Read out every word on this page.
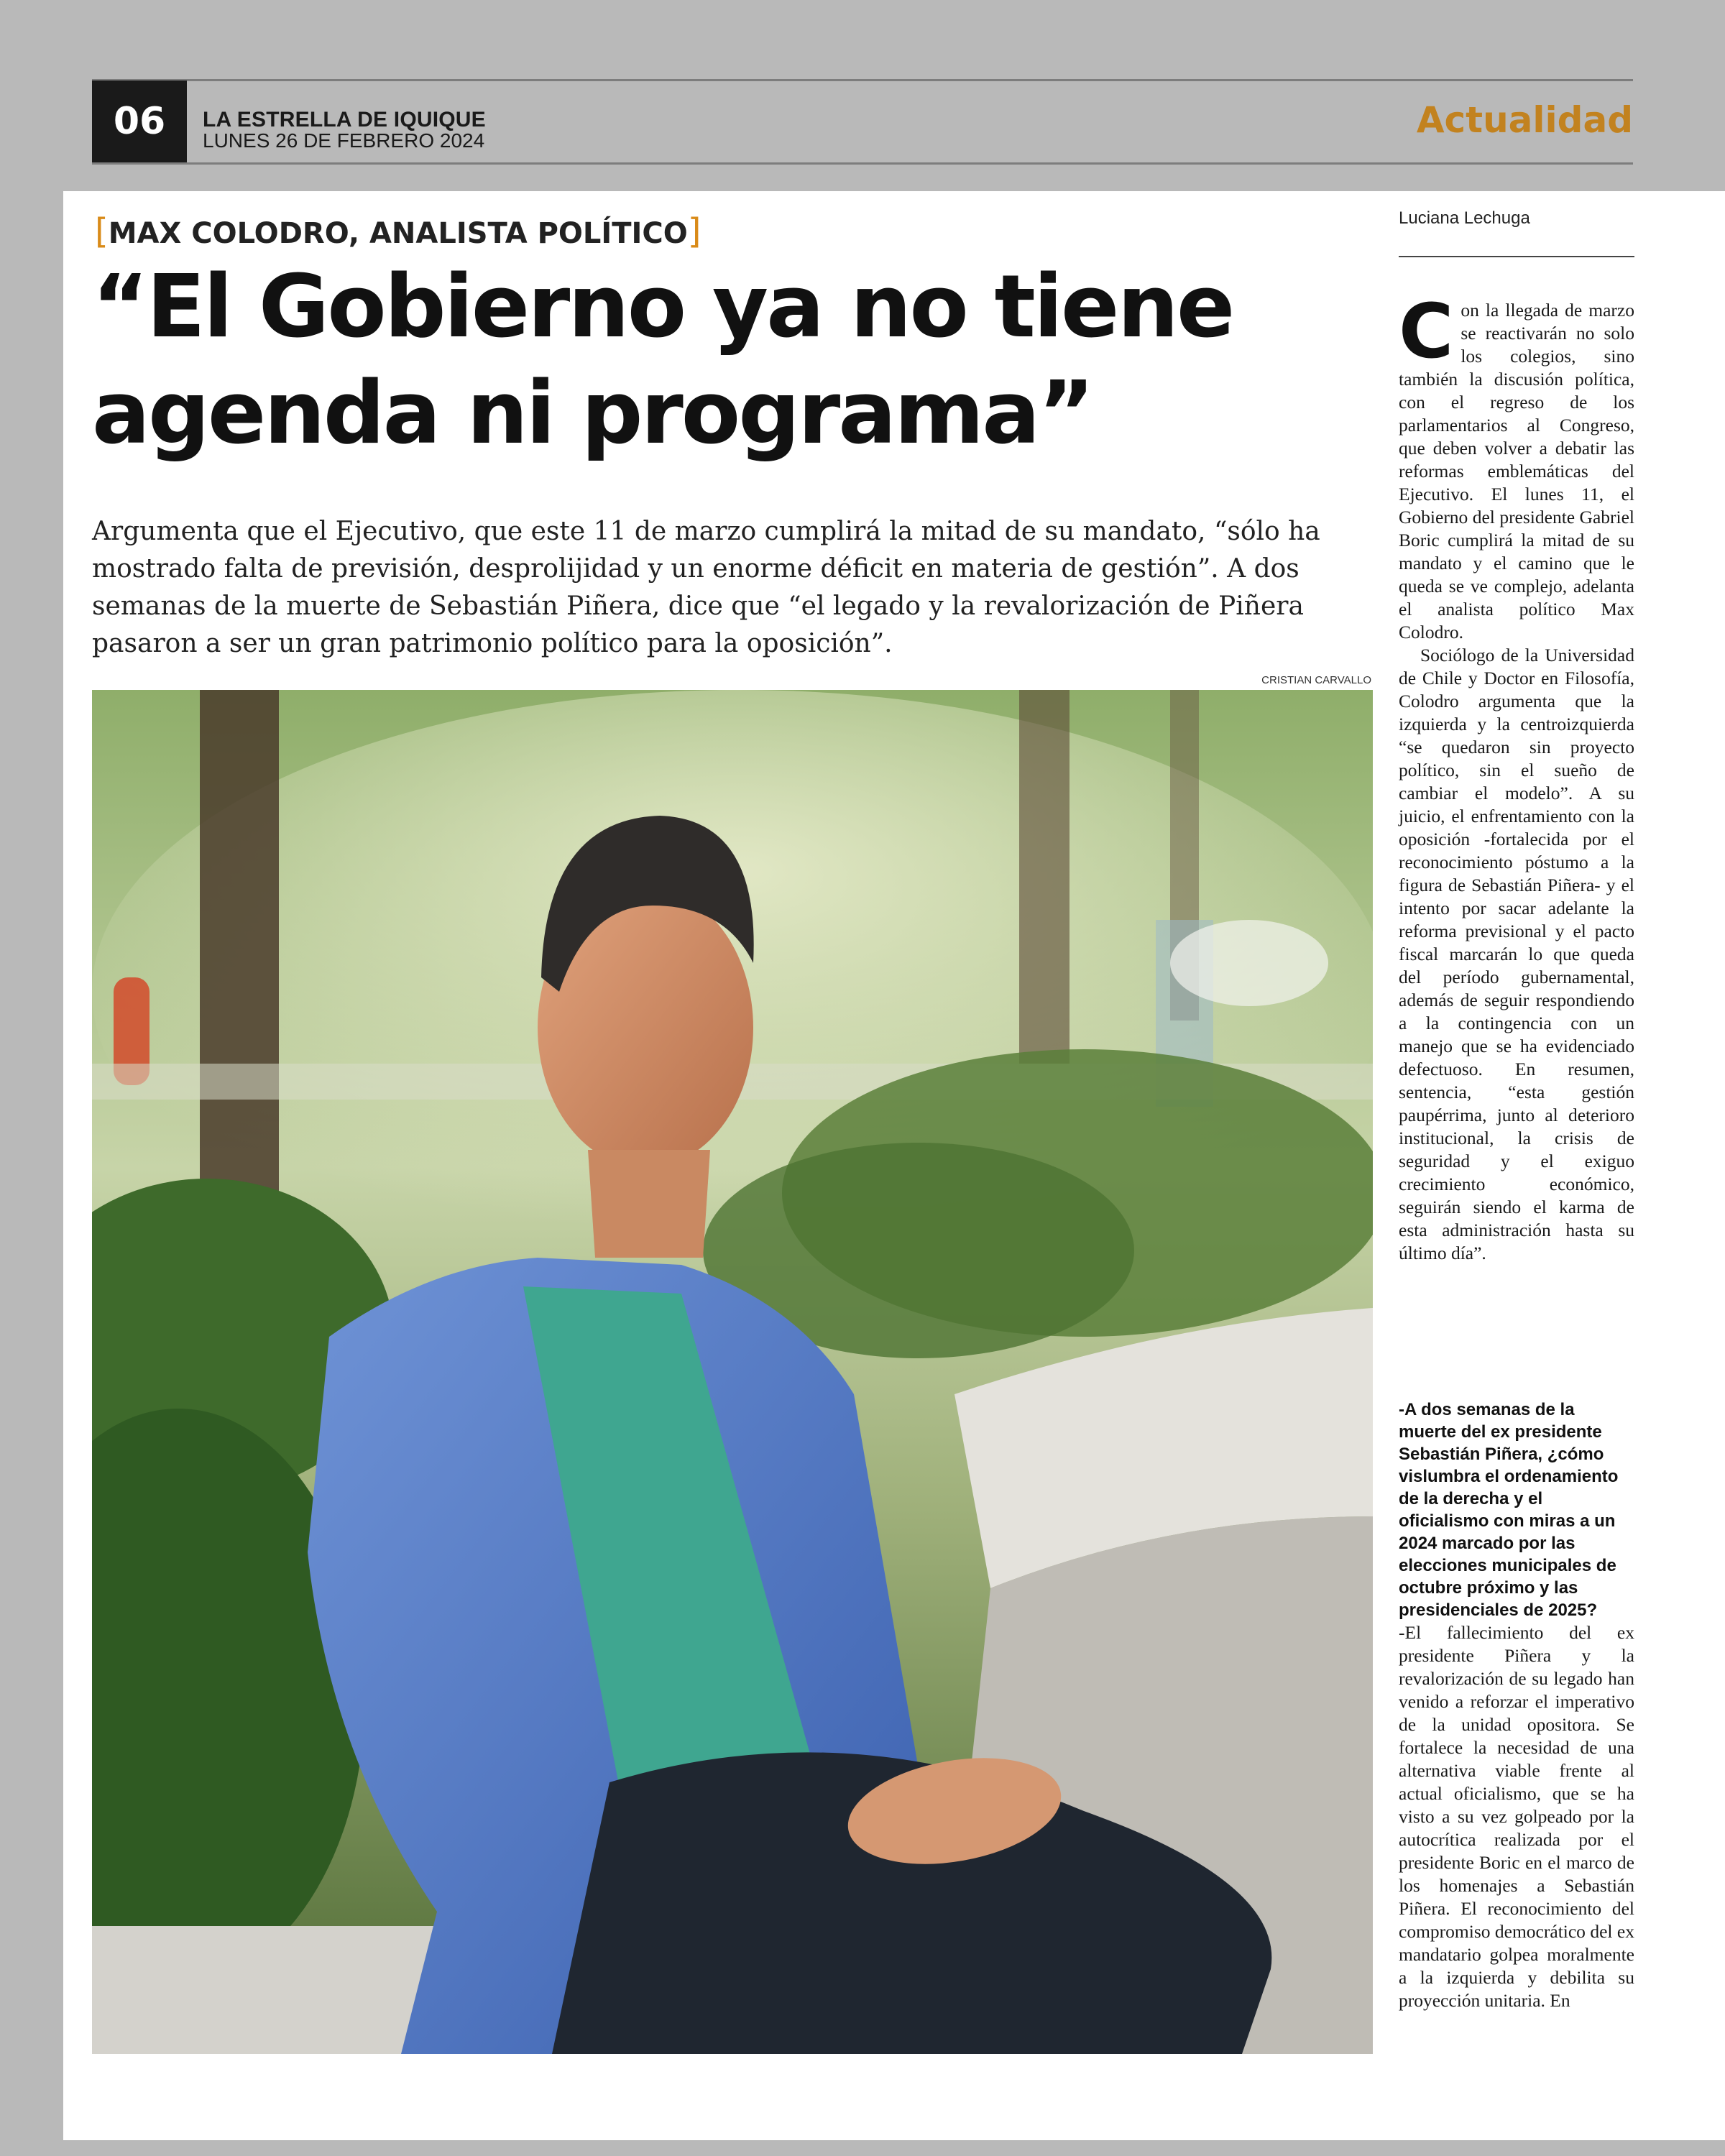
06	LA ESTRELLA DE IQUIQUE
LUNES 26 DE FEBRERO 2024	Actualidad
[MAX COLODRO, ANALISTA POLÍTICO]
“El Gobierno ya no tiene
agenda ni programa”
Argumenta que el Ejecutivo, que este 11 de marzo cumplirá la mitad de su mandato, “sólo ha mostrado falta de previsión, desprolijidad y un enorme déficit en materia de gestión”. A dos semanas de la muerte de Sebastián Piñera, dice que “el legado y la revalorización de Piñera pasaron a ser un gran patrimonio político para la oposición”.
CRISTIAN CARVALLO
Luciana Lechuga

Con la llegada de marzo se reactivarán no solo los colegios, sino también la discusión política, con el regreso de los parlamentarios al Congreso, que deben volver a debatir las reformas emblemáticas del Ejecutivo. El lunes 11, el Gobierno del presidente Gabriel Boric cumplirá la mitad de su mandato y el camino que le queda se ve complejo, adelanta el analista político Max Colodro.

Sociólogo de la Universidad de Chile y Doctor en Filosofía, Colodro argumenta que la izquierda y la centroizquierda “se quedaron sin proyecto político, sin el sueño de cambiar el modelo”. A su juicio, el enfrentamiento con la oposición -fortalecida por el reconocimiento póstumo a la figura de Sebastián Piñera- y el intento por sacar adelante la reforma previsional y el pacto fiscal marcarán lo que queda del período gubernamental, además de seguir respondiendo a la contingencia con un manejo que se ha evidenciado defectuoso. En resumen, sentencia, “esta gestión paupérrima, junto al deterioro institucional, la crisis de seguridad y el exiguo crecimiento económico, seguirán siendo el karma de esta administración hasta su último día”.

-A dos semanas de la muerte del ex presidente Sebastián Piñera, ¿cómo vislumbra el ordenamiento de la derecha y el oficialismo con miras a un 2024 marcado por las elecciones municipales de octubre próximo y las presidenciales de 2025?

-El fallecimiento del ex presidente Piñera y la revalorización de su legado han venido a reforzar el imperativo de la unidad opositora. Se fortalece la necesidad de una alternativa viable frente al actual oficialismo, que se ha visto a su vez golpeado por la autocrítica realizada por el presidente Boric en el marco de los homenajes a Sebastián Piñera. El reconocimiento del compromiso democrático del ex mandatario golpea moralmente a la izquierda y debilita su proyección unitaria. En
